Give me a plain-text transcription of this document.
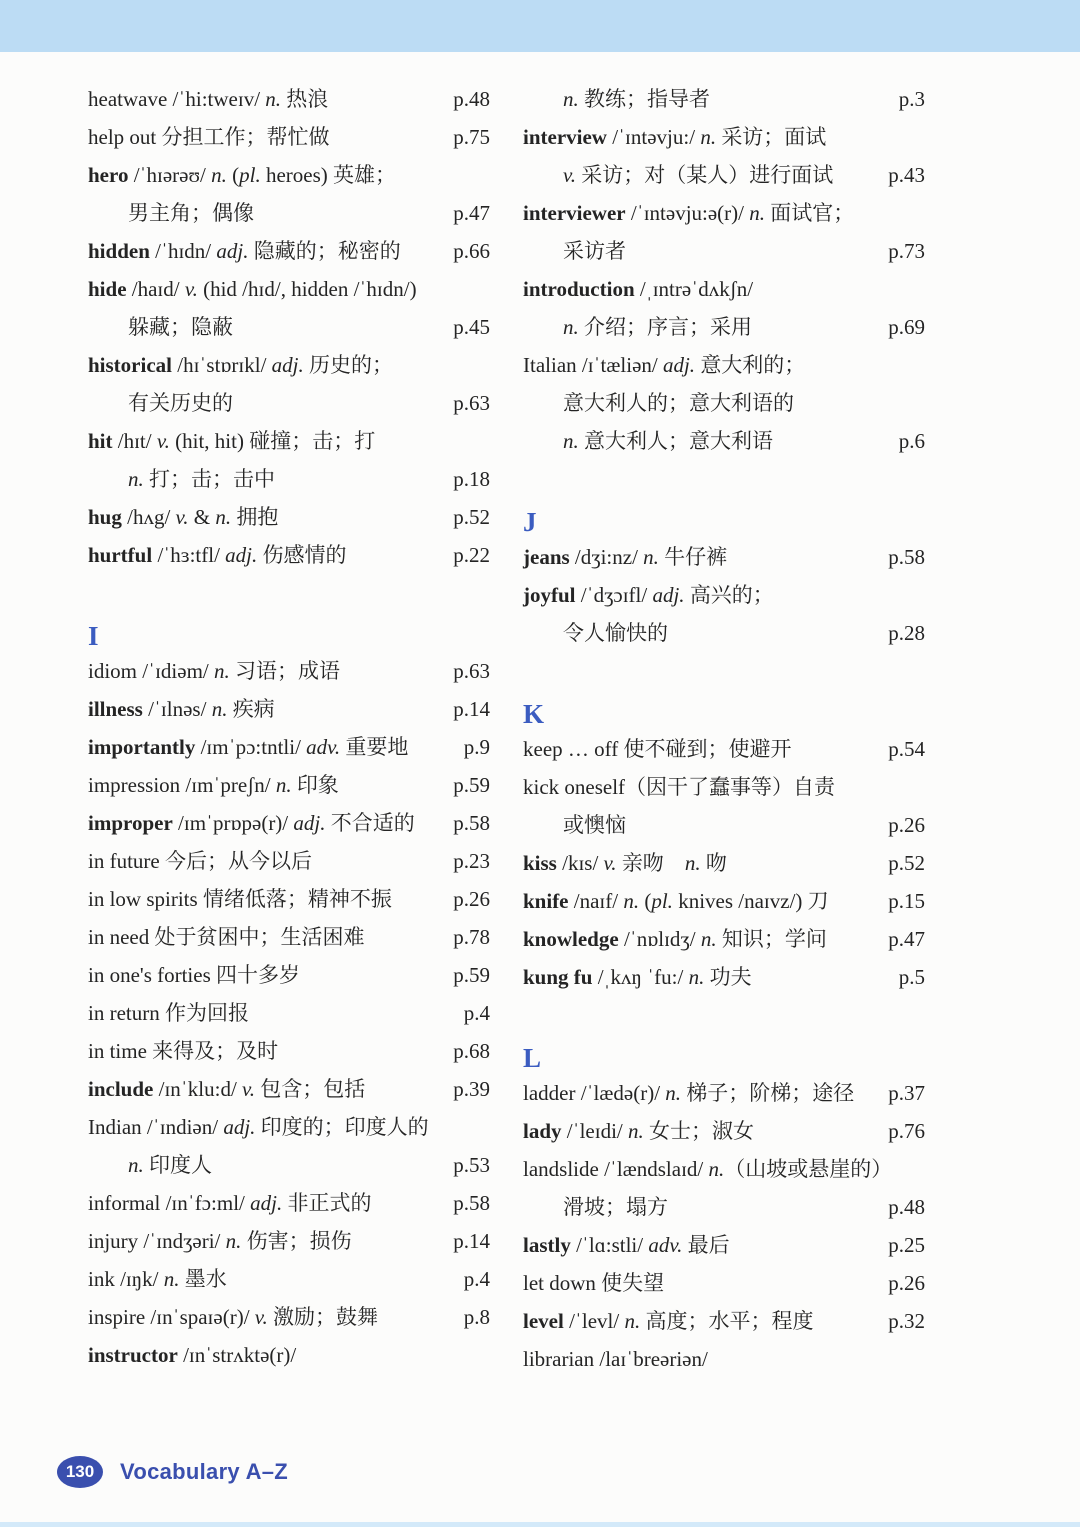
heatwave /ˈhi:tweɪv/ n. 热浪	p.48
help out 分担工作；帮忙做	p.75
hero /ˈhɪərəʊ/ n. (pl. heroes) 英雄；
男主角；偶像	p.47
hidden /ˈhɪdn/ adj. 隐藏的；秘密的	p.66
hide /haɪd/ v. (hid /hɪd/, hidden /ˈhɪdn/)
躲藏；隐蔽	p.45
historical /hɪˈstɒrɪkl/ adj. 历史的；
有关历史的	p.63
hit /hɪt/ v. (hit, hit) 碰撞；击；打
n. 打；击；击中	p.18
hug /hʌg/ v. & n. 拥抱	p.52
hurtful /ˈhɜ:tfl/ adj. 伤感情的	p.22
I
idiom /ˈɪdiəm/ n. 习语；成语	p.63
illness /ˈɪlnəs/ n. 疾病	p.14
importantly /ɪmˈpɔ:tntli/ adv. 重要地	p.9
impression /ɪmˈpreʃn/ n. 印象	p.59
improper /ɪmˈprɒpə(r)/ adj. 不合适的 p.58
in future 今后；从今以后	p.23
in low spirits 情绪低落；精神不振	p.26
in need 处于贫困中；生活困难	p.78
in one's forties 四十多岁	p.59
in return 作为回报	p.4
in time 来得及；及时	p.68
include /ɪnˈklu:d/ v. 包含；包括	p.39
Indian /ˈɪndiən/ adj. 印度的；印度人的
n. 印度人	p.53
informal /ɪnˈfɔ:ml/ adj. 非正式的	p.58
injury /ˈɪndʒəri/ n. 伤害；损伤	p.14
ink /ɪŋk/ n. 墨水	p.4
inspire /ɪnˈspaɪə(r)/ v. 激励；鼓舞	p.8
instructor /ɪnˈstrʌktə(r)/
n. 教练；指导者	p.3
interview /ˈɪntəvju:/ n. 采访；面试
v. 采访；对（某人）进行面试	p.43
interviewer /ˈɪntəvju:ə(r)/ n. 面试官；
采访者	p.73
introduction /ˌɪntrəˈdʌkʃn/
n. 介绍；序言；采用	p.69
Italian /ɪˈtæliən/ adj. 意大利的；
意大利人的；意大利语的
n. 意大利人；意大利语	p.6
J
jeans /dʒi:nz/ n. 牛仔裤	p.58
joyful /ˈdʒɔɪfl/ adj. 高兴的；
令人愉快的	p.28
K
keep … off 使不碰到；使避开	p.54
kick oneself（因干了蠢事等）自责
或懊恼	p.26
kiss /kɪs/ v. 亲吻 n. 吻	p.52
knife /naɪf/ n. (pl. knives /naɪvz/) 刀	p.15
knowledge /ˈnɒlɪdʒ/ n. 知识；学问	p.47
kung fu /ˌkʌŋ ˈfu:/ n. 功夫	p.5
L
ladder /ˈlædə(r)/ n. 梯子；阶梯；途径 p.37
lady /ˈleɪdi/ n. 女士；淑女	p.76
landslide /ˈlændslaɪd/ n.（山坡或悬崖的）
滑坡；塌方	p.48
lastly /ˈlɑ:stli/ adv. 最后	p.25
let down 使失望	p.26
level /ˈlevl/ n. 高度；水平；程度	p.32
librarian /laɪˈbreəriən/
130 Vocabulary A–Z
